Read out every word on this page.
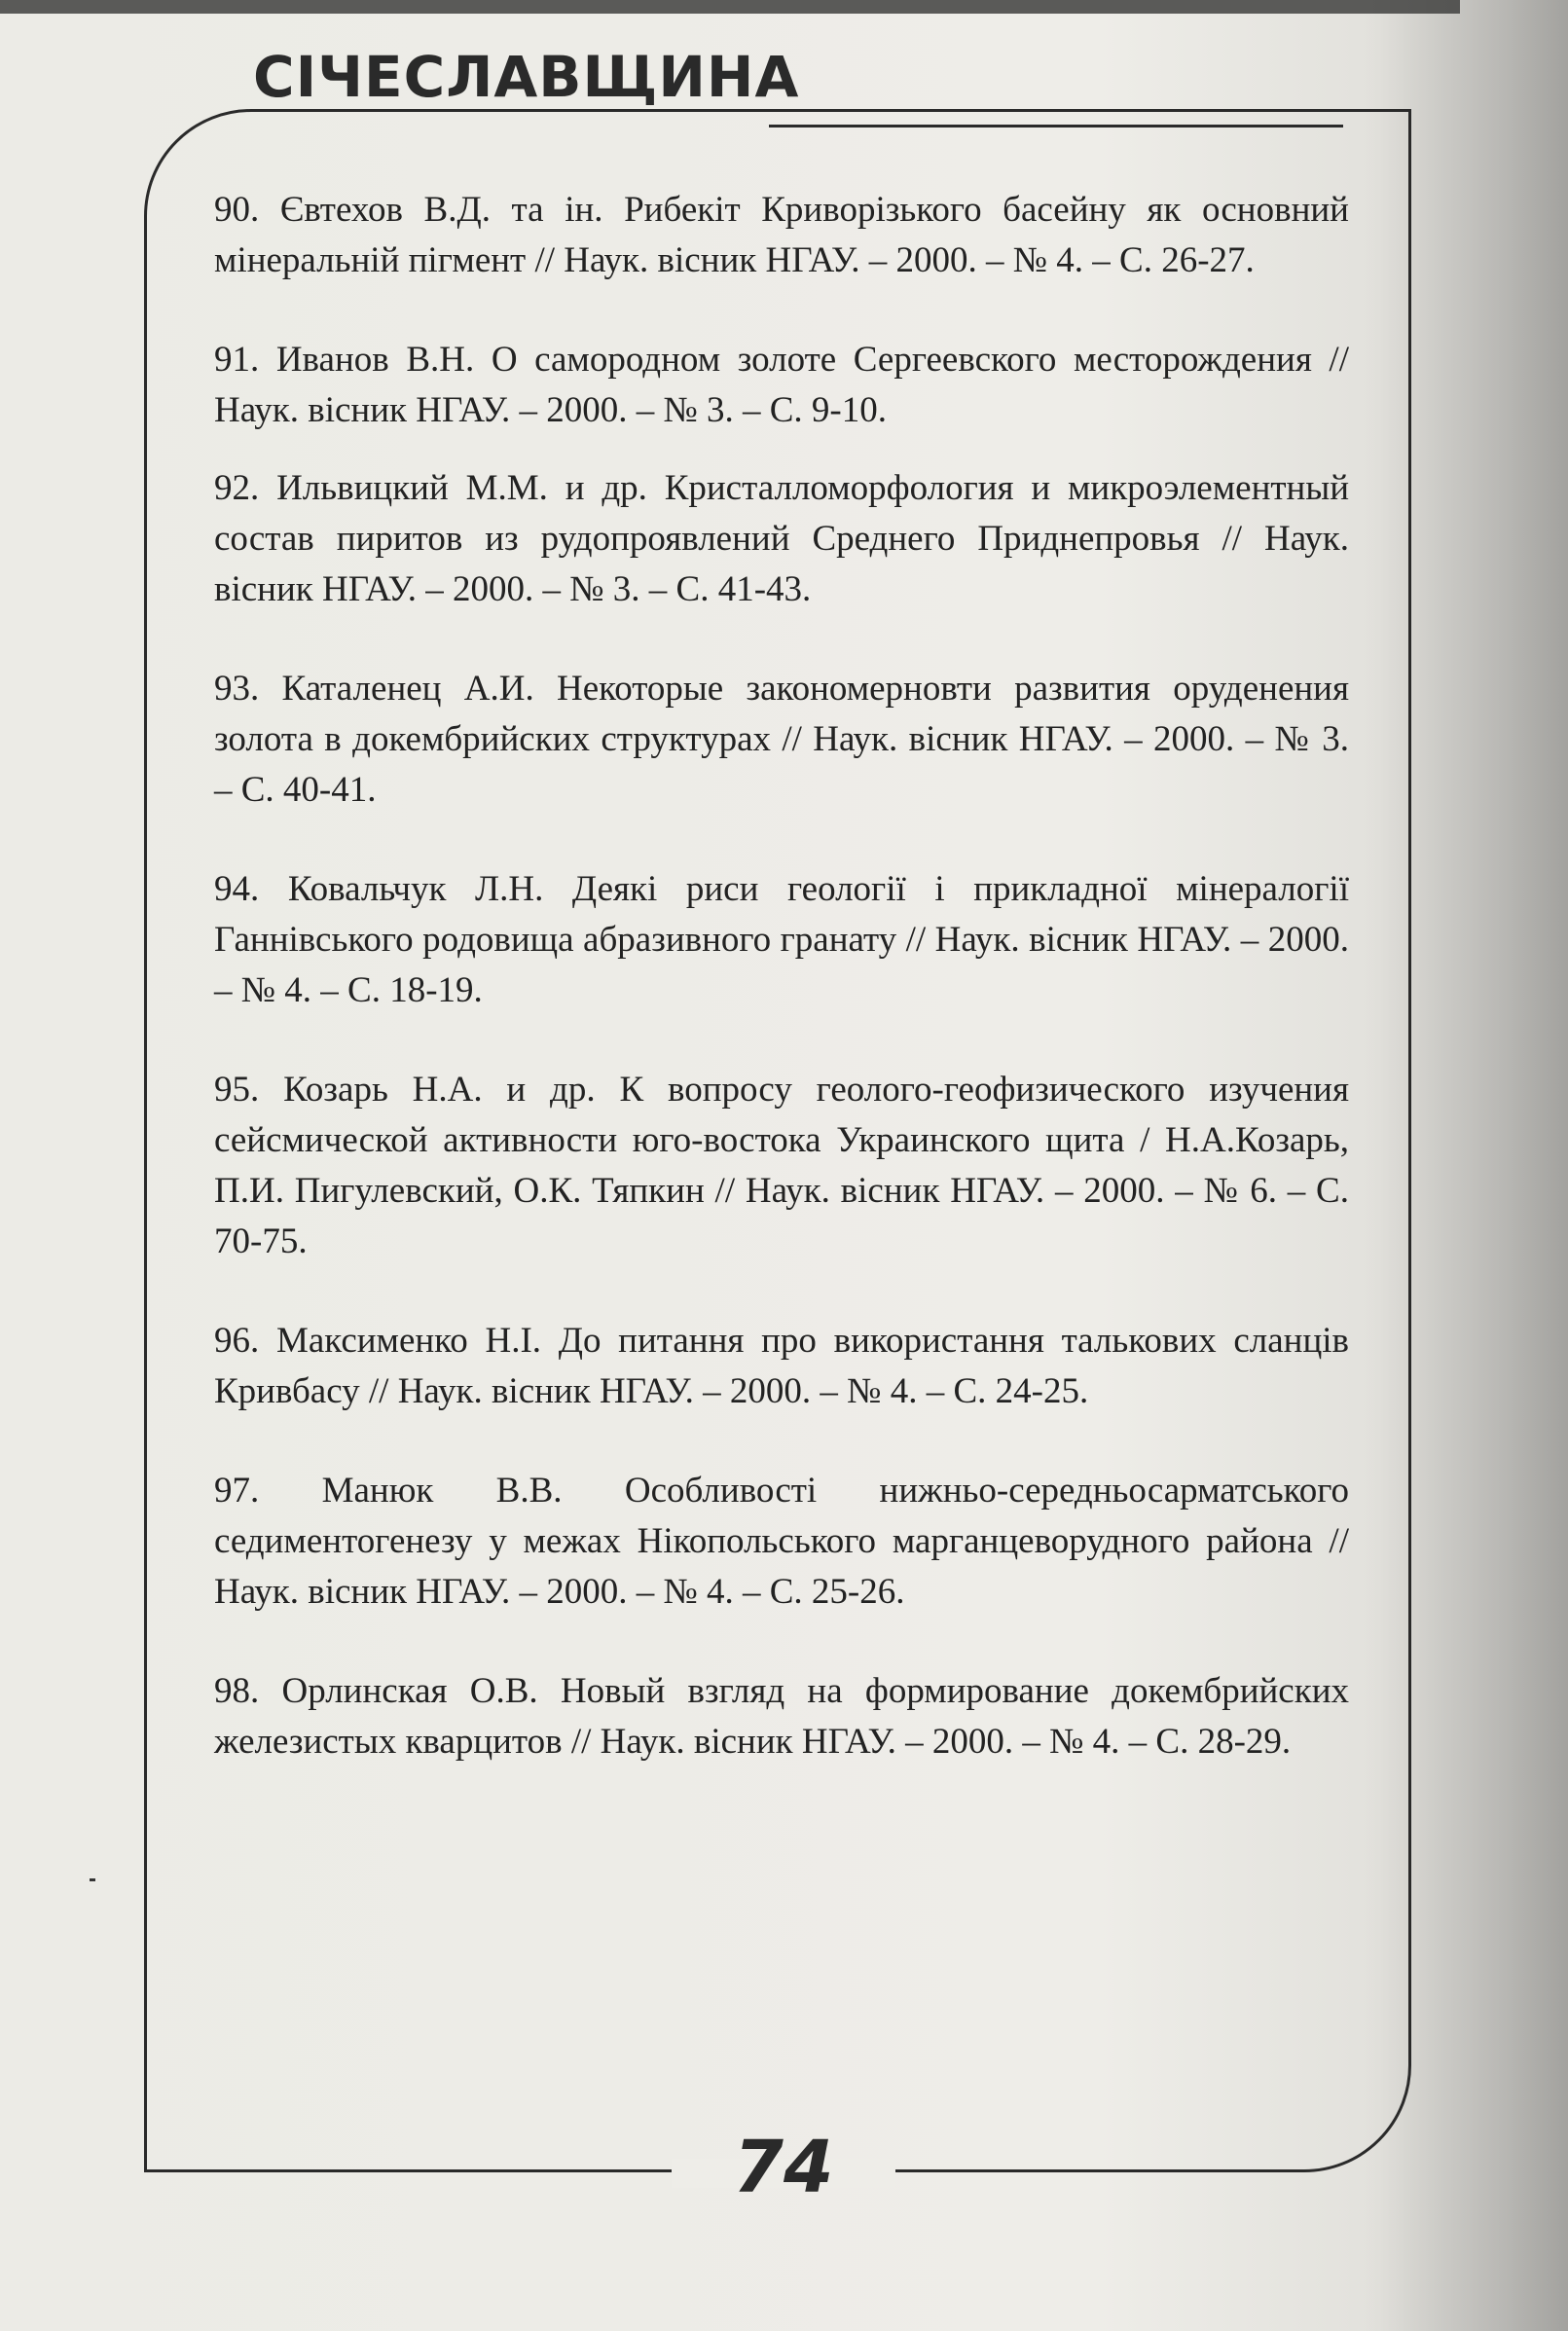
СІЧЕСЛАВЩИНА
74

90. Євтехов В.Д. та ін. Рибекіт Криворізького басейну як основний мінеральній пігмент // Наук. вісник НГАУ. – 2000. – № 4. – С. 26-27.

91. Иванов В.Н. О самородном золоте Сергеевского месторождения // Наук. вісник НГАУ. – 2000. – № 3. – С. 9-10.

92. Ильвицкий М.М. и др. Кристалломорфология и микроэлементный состав пиритов из рудопроявлений Среднего Приднепровья // Наук. вісник НГАУ. – 2000. – № 3. – С. 41-43.

93. Каталенец А.И. Некоторые закономерновти развития оруденения золота в докембрийских структурах // Наук. вісник НГАУ. – 2000. – № 3. – С. 40-41.

94. Ковальчук Л.Н. Деякі риси геології і прикладної мінералогії Ганнівського родовища абразивного гранату // Наук. вісник НГАУ. – 2000. – № 4. – С. 18-19.

95. Козарь Н.А. и др. К вопросу геолого-геофизического изучения сейсмической активности юго-востока Украинского щита / Н.А.Козарь, П.И. Пигулевский, О.К. Тяпкин // Наук. вісник НГАУ. – 2000. – № 6. – С. 70-75.

96. Максименко Н.І. До питання про використання талькових сланців Кривбасу // Наук. вісник НГАУ. – 2000. – № 4. – С. 24-25.

97. Манюк В.В. Особливості нижньо-середньосарматського седиментогенезу у межах Нікопольського марганцеворудного района // Наук. вісник НГАУ. – 2000. – № 4. – С. 25-26.

98. Орлинская О.В. Новый взгляд на формирование докембрийских железистых кварцитов // Наук. вісник НГАУ. – 2000. – № 4. – С. 28-29.
